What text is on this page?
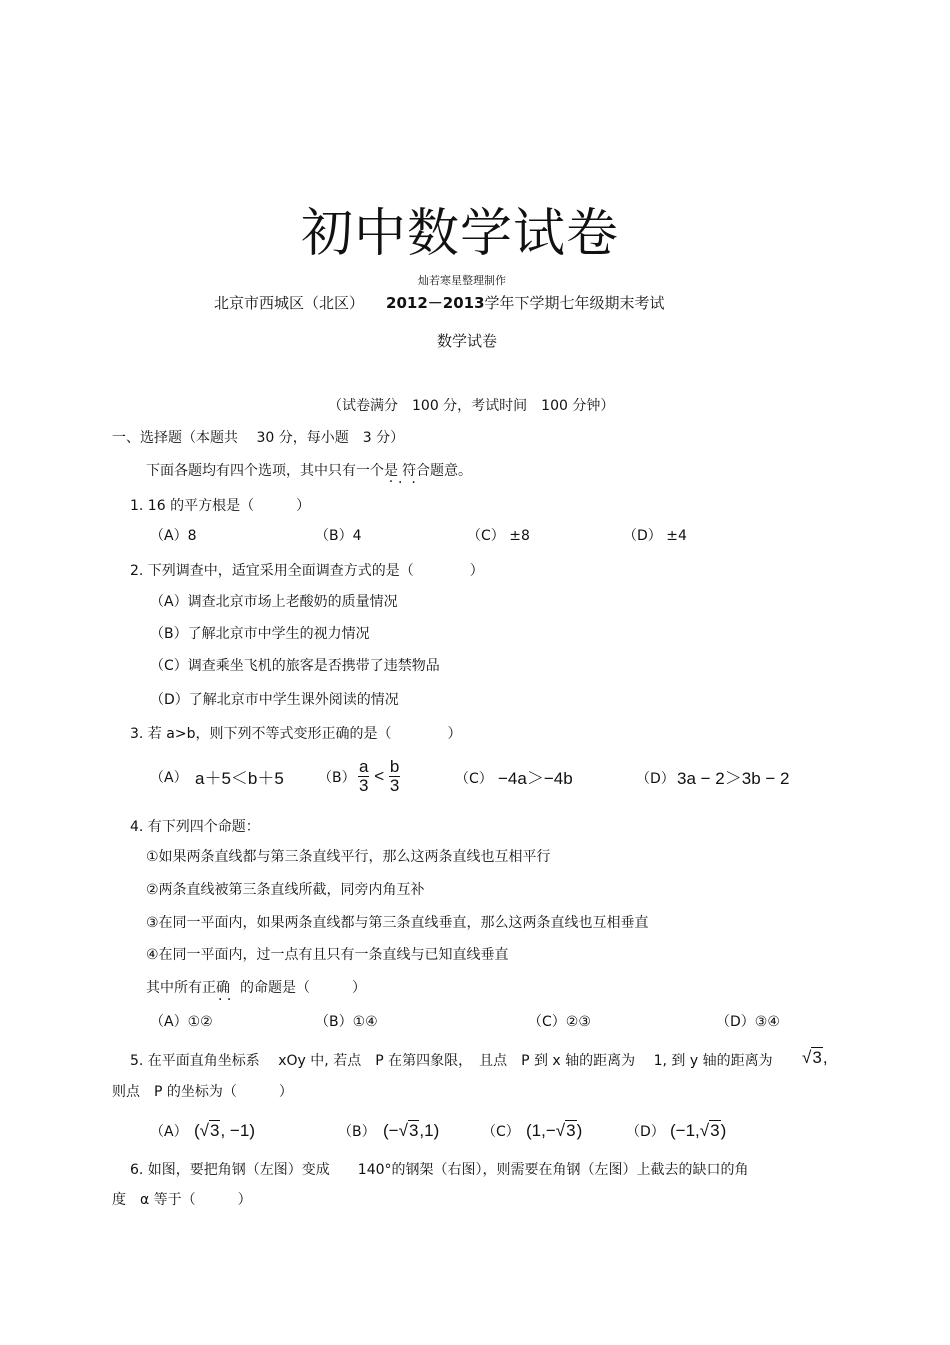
初中数学试卷
灿若寒星整理制作
北京市西城区（北区） 2012－2013学年下学期七年级期末考试
数学试卷
（试卷满分　100 分，考试时间　100 分钟）
一、选择题（本题共　 30 分，每小题　3 分）
下面各题均有四个选项，其中只有一个是 符合题意。
·  ·
1. 16 的平方根是（　　　）
（A）8	（B）4	（C） ±8	（D） ±4
2. 下列调查中，适宜采用全面调查方式的是（　　　　）
（A）调查北京市场上老酸奶的质量情况
（B）了解北京市中学生的视力情况
（C）调查乘坐飞机的旅客是否携带了违禁物品
（D）了解北京市中学生课外阅读的情况
3. 若 a>b，则下列不等式变形正确的是（　　　　）
（A） a＋5＜b＋5 $(B) \frac{a}{3} < \frac{b}{3}$	（C） −4a＞−4b	（D） 3a − 2＞3b − 2
4. 有下列四个命题：
①如果两条直线都与第三条直线平行，那么这两条直线也互相平行
②两条直线被第三条直线所截，同旁内角互补
③在同一平面内，如果两条直线都与第三条直线垂直，那么这两条直线也互相垂直
④在同一平面内，过一点有且只有一条直线与已知直线垂直
其中所有正确 的命题是（　　　）
· ·
（A）①②	（B）①④	（C）②③	（D）③④
5. 在平面直角坐标系　 xOy 中, 若点　P 在第四象限，　且点　P 到 x 轴的距离为　 1, 到 y 轴的距离为 √3,
则点　P 的坐标为（　　　）
（A） (√3, −1)	（B） (−√3,1)	（C） (1,−√3)	（D） (−1,√3)
6. 如图，要把角钢（左图）变成　　140°的钢架（右图），则需要在角钢（左图）上截去的缺口的角
度　α 等于（　　　）
